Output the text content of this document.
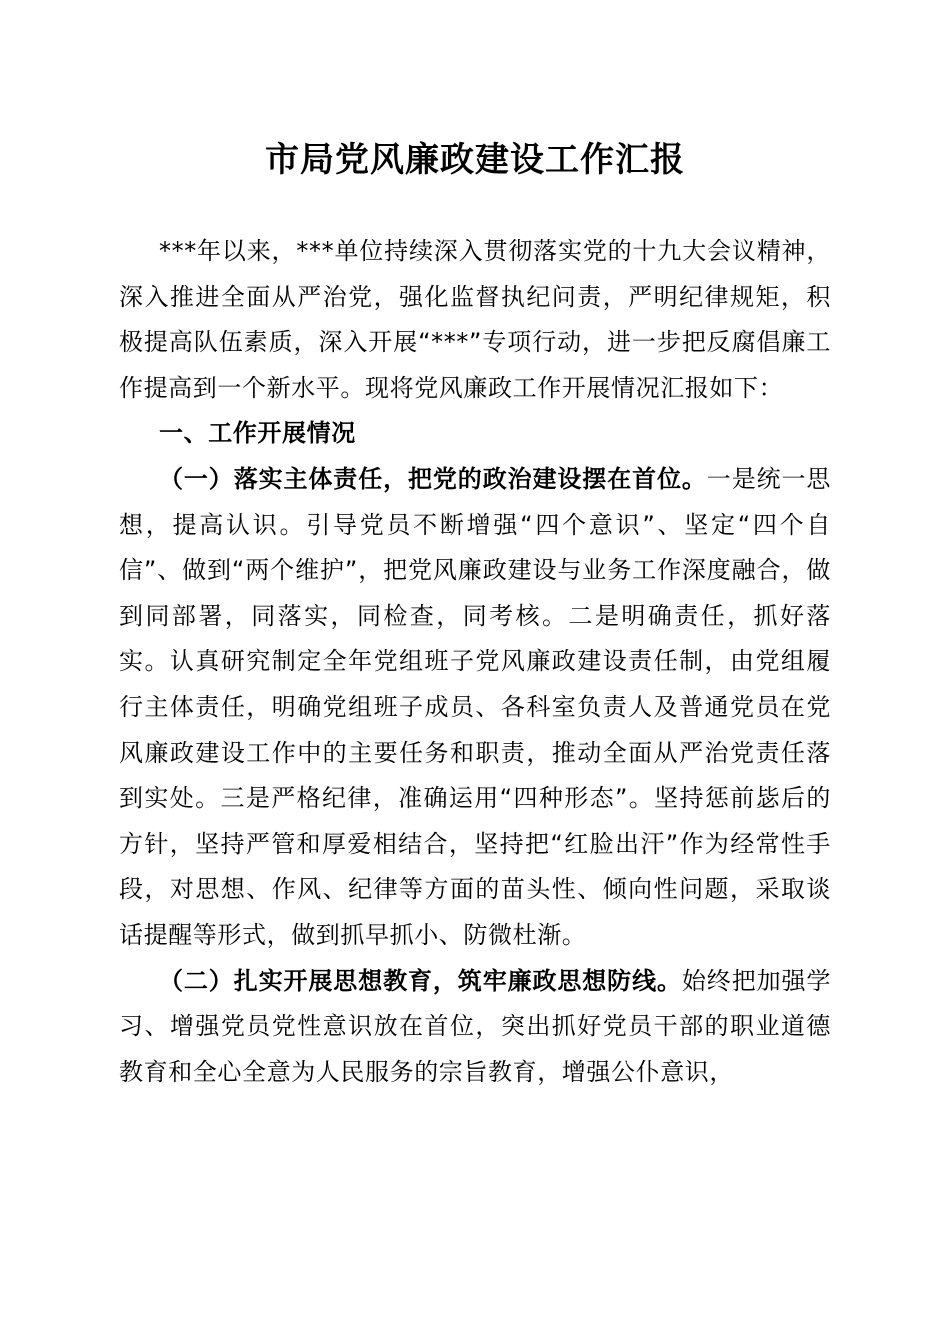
市局党风廉政建设工作汇报

***年以来，***单位持续深入贯彻落实党的十九大会议精神，深入推进全面从严治党，强化监督执纪问责，严明纪律规矩，积极提高队伍素质，深入开展“***”专项行动，进一步把反腐倡廉工作提高到一个新水平。现将党风廉政工作开展情况汇报如下：

一、工作开展情况

（一）落实主体责任，把党的政治建设摆在首位。一是统一思想，提高认识。引导党员不断增强“四个意识”、坚定“四个自信”、做到“两个维护”，把党风廉政建设与业务工作深度融合，做到同部署，同落实，同检查，同考核。二是明确责任，抓好落实。认真研究制定全年党组班子党风廉政建设责任制，由党组履行主体责任，明确党组班子成员、各科室负责人及普通党员在党风廉政建设工作中的主要任务和职责，推动全面从严治党责任落到实处。三是严格纪律，准确运用“四种形态”。坚持惩前毖后的方针，坚持严管和厚爱相结合，坚持把“红脸出汗”作为经常性手段，对思想、作风、纪律等方面的苗头性、倾向性问题，采取谈话提醒等形式，做到抓早抓小、防微杜渐。

（二）扎实开展思想教育，筑牢廉政思想防线。始终把加强学习、增强党员党性意识放在首位，突出抓好党员干部的职业道德教育和全心全意为人民服务的宗旨教育，增强公仆意识，
